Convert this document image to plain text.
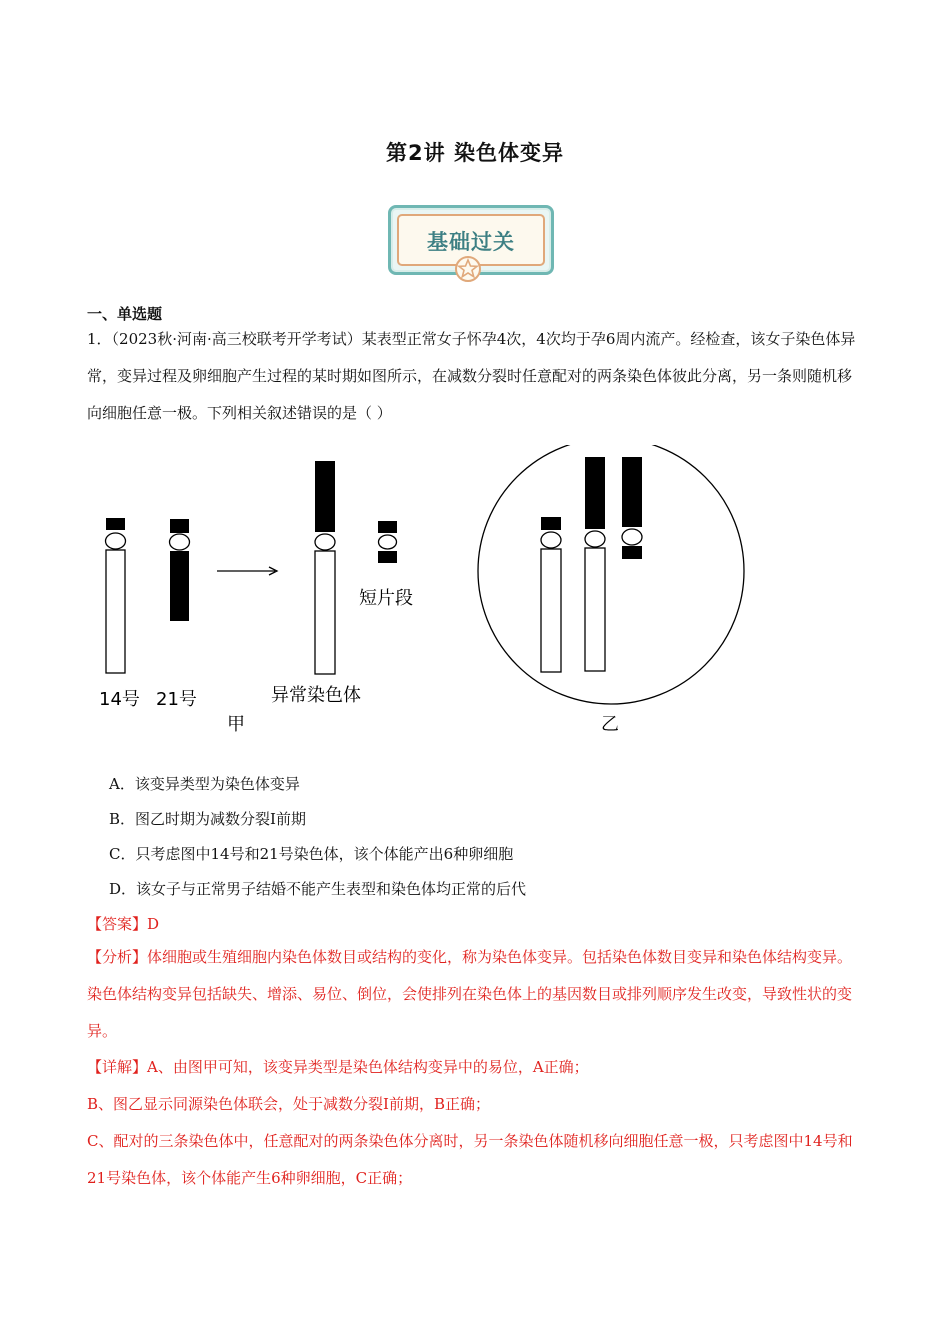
第2讲 染色体变异
基础过关
一、单选题
1．（2023秋·河南·高三校联考开学考试）某表型正常女子怀孕4次，4次均于孕6周内流产。经检查，该女子染色体异常，变异过程及卵细胞产生过程的某时期如图所示，在减数分裂时任意配对的两条染色体彼此分离，另一条则随机移向细胞任意一极。下列相关叙述错误的是（ ）
14号 21号	异常染色体
短片段
甲	乙
A．该变异类型为染色体变异
B．图乙时期为减数分裂Ⅰ前期
C．只考虑图中14号和21号染色体，该个体能产出6种卵细胞
D．该女子与正常男子结婚不能产生表型和染色体均正常的后代
【答案】D
【分析】体细胞或生殖细胞内染色体数目或结构的变化，称为染色体变异。包括染色体数目变异和染色体结构变异。 染色体结构变异包括缺失、增添、易位、倒位，会使排列在染色体上的基因数目或排列顺序发生改变，导致性状的变异。
【详解】A、由图甲可知，该变异类型是染色体结构变异中的易位，A正确；
B、图乙显示同源染色体联会，处于减数分裂Ⅰ前期，B正确；
C、配对的三条染色体中，任意配对的两条染色体分离时，另一条染色体随机移向细胞任意一极，只考虑图中14号和21号染色体，该个体能产生6种卵细胞，C正确；
